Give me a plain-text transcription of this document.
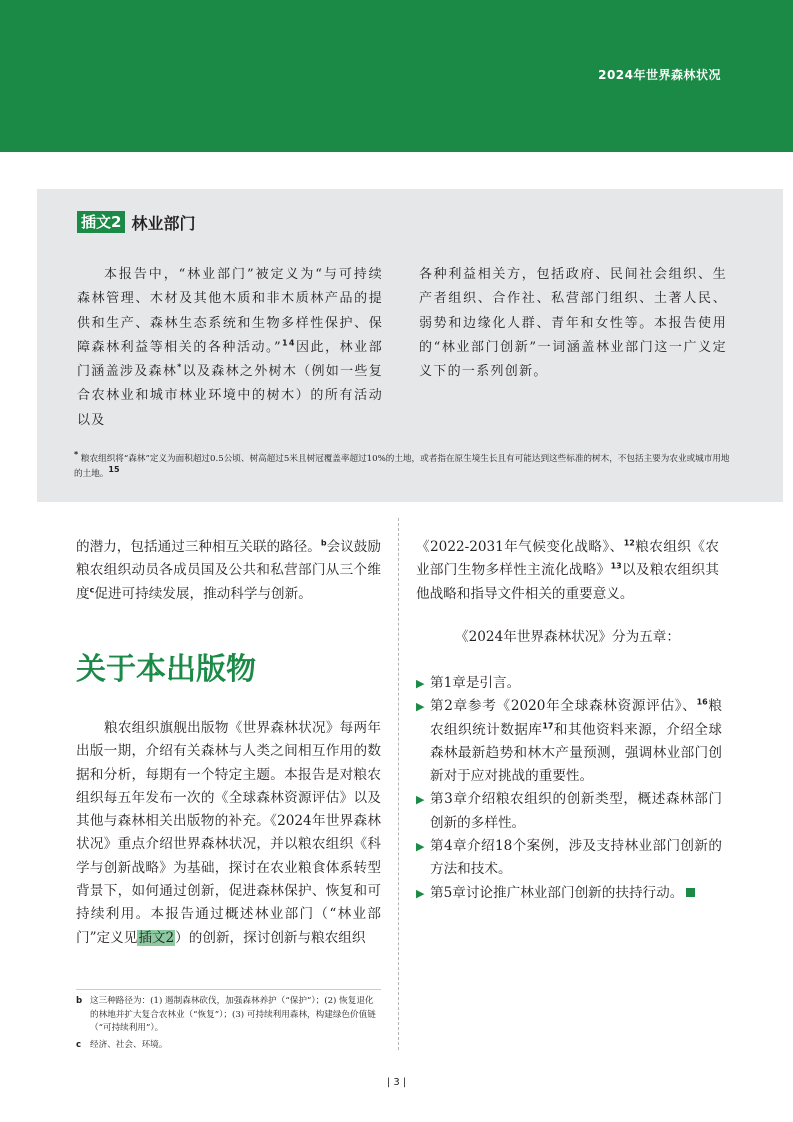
2024年世界森林状况
插文2 林业部门
本报告中，“林业部门”被定义为“与可持续森林管理、木材及其他木质和非木质林产品的提供和生产、森林生态系统和生物多样性保护、保障森林利益等相关的各种活动。”$^{14}$因此，林业部门涵盖涉及森林*以及森林之外树木（例如一些复合农林业和城市林业环境中的树木）的所有活动以及
各种利益相关方，包括政府、民间社会组织、生产者组织、合作社、私营部门组织、土著人民、弱势和边缘化人群、青年和女性等。本报告使用的“林业部门创新”一词涵盖林业部门这一广义定义下的一系列创新。
* 粮农组织将“森林”定义为面积超过0.5公顷、树高超过5米且树冠覆盖率超过10%的土地，或者指在原生境生长且有可能达到这些标准的树木，不包括主要为农业或城市用地的土地。$^{15}$
的潜力，包括通过三种相互关联的路径。$^b$会议鼓励粮农组织动员各成员国及公共和私营部门从三个维度$^c$促进可持续发展，推动科学与创新。
关于本出版物
粮农组织旗舰出版物《世界森林状况》每两年出版一期，介绍有关森林与人类之间相互作用的数据和分析，每期有一个特定主题。本报告是对粮农组织每五年发布一次的《全球森林资源评估》以及其他与森林相关出版物的补充。《2024年世界森林状况》重点介绍世界森林状况，并以粮农组织《科学与创新战略》为基础，探讨在农业粮食体系转型背景下，如何通过创新，促进森林保护、恢复和可持续利用。本报告通过概述林业部门（“林业部门”定义见插文2）的创新，探讨创新与粮农组织
b 这三种路径为：(1) 遏制森林砍伐，加强森林养护（“保护”）；(2) 恢复退化的林地并扩大复合农林业（“恢复”）；(3) 可持续利用森林，构建绿色价值链（“可持续利用”）。
c	经济、社会、环境。
《2022-2031年气候变化战略》、$^{12}$粮农组织《农业部门生物多样性主流化战略》$^{13}$以及粮农组织其他战略和指导文件相关的重要意义。
《2024年世界森林状况》分为五章：
▶ 第1章是引言。
▶ 第2章参考《2020年全球森林资源评估》、$^{16}$粮农组织统计数据库$^{17}$和其他资料来源，介绍全球森林最新趋势和林木产量预测，强调林业部门创新对于应对挑战的重要性。
▶ 第3章介绍粮农组织的创新类型，概述森林部门创新的多样性。
▶ 第4章介绍18个案例，涉及支持林业部门创新的方法和技术。
▶ 第5章讨论推广林业部门创新的扶持行动。
| 3 |
